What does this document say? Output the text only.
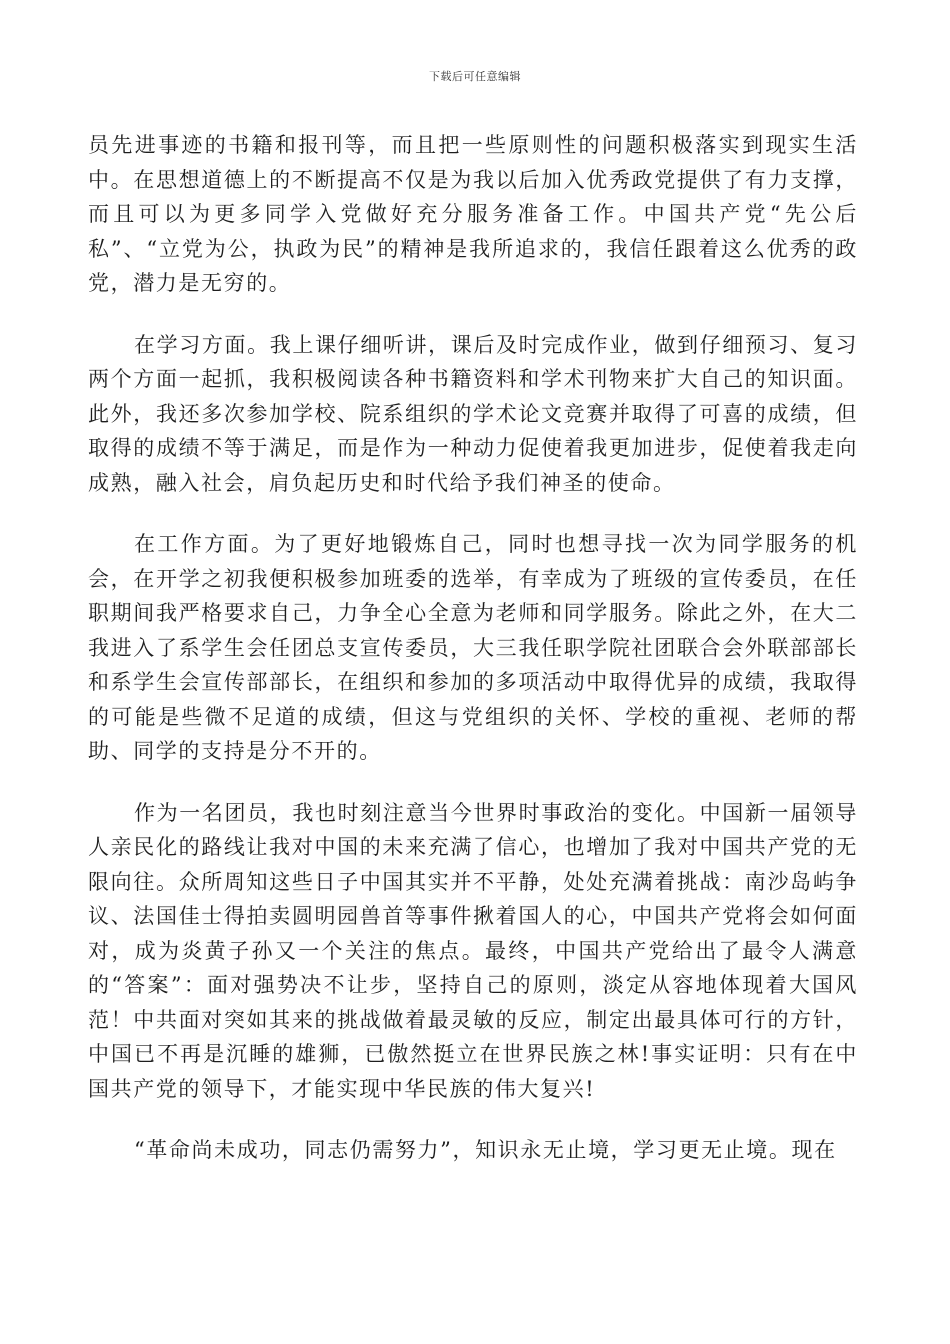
下载后可任意编辑

员先进事迹的书籍和报刊等，而且把一些原则性的问题积极落实到现实生活中。在思想道德上的不断提高不仅是为我以后加入优秀政党提供了有力支撑，而且可以为更多同学入党做好充分服务准备工作。中国共产党“先公后私”、“立党为公，执政为民”的精神是我所追求的，我信任跟着这么优秀的政党，潜力是无穷的。

在学习方面。我上课仔细听讲，课后及时完成作业，做到仔细预习、复习两个方面一起抓，我积极阅读各种书籍资料和学术刊物来扩大自己的知识面。此外，我还多次参加学校、院系组织的学术论文竞赛并取得了可喜的成绩，但取得的成绩不等于满足，而是作为一种动力促使着我更加进步，促使着我走向成熟，融入社会，肩负起历史和时代给予我们神圣的使命。

在工作方面。为了更好地锻炼自己，同时也想寻找一次为同学服务的机会，在开学之初我便积极参加班委的选举，有幸成为了班级的宣传委员，在任职期间我严格要求自己，力争全心全意为老师和同学服务。除此之外，在大二我进入了系学生会任团总支宣传委员，大三我任职学院社团联合会外联部部长和系学生会宣传部部长，在组织和参加的多项活动中取得优异的成绩，我取得的可能是些微不足道的成绩，但这与党组织的关怀、学校的重视、老师的帮助、同学的支持是分不开的。

作为一名团员，我也时刻注意当今世界时事政治的变化。中国新一届领导人亲民化的路线让我对中国的未来充满了信心，也增加了我对中国共产党的无限向往。众所周知这些日子中国其实并不平静，处处充满着挑战：南沙岛屿争议、法国佳士得拍卖圆明园兽首等事件揪着国人的心，中国共产党将会如何面对，成为炎黄子孙又一个关注的焦点。最终，中国共产党给出了最令人满意的“答案”：面对强势决不让步，坚持自己的原则，淡定从容地体现着大国风范！中共面对突如其来的挑战做着最灵敏的反应，制定出最具体可行的方针，中国已不再是沉睡的雄狮，已傲然挺立在世界民族之林!事实证明：只有在中国共产党的领导下，才能实现中华民族的伟大复兴!

“革命尚未成功，同志仍需努力”，知识永无止境，学习更无止境。现在
